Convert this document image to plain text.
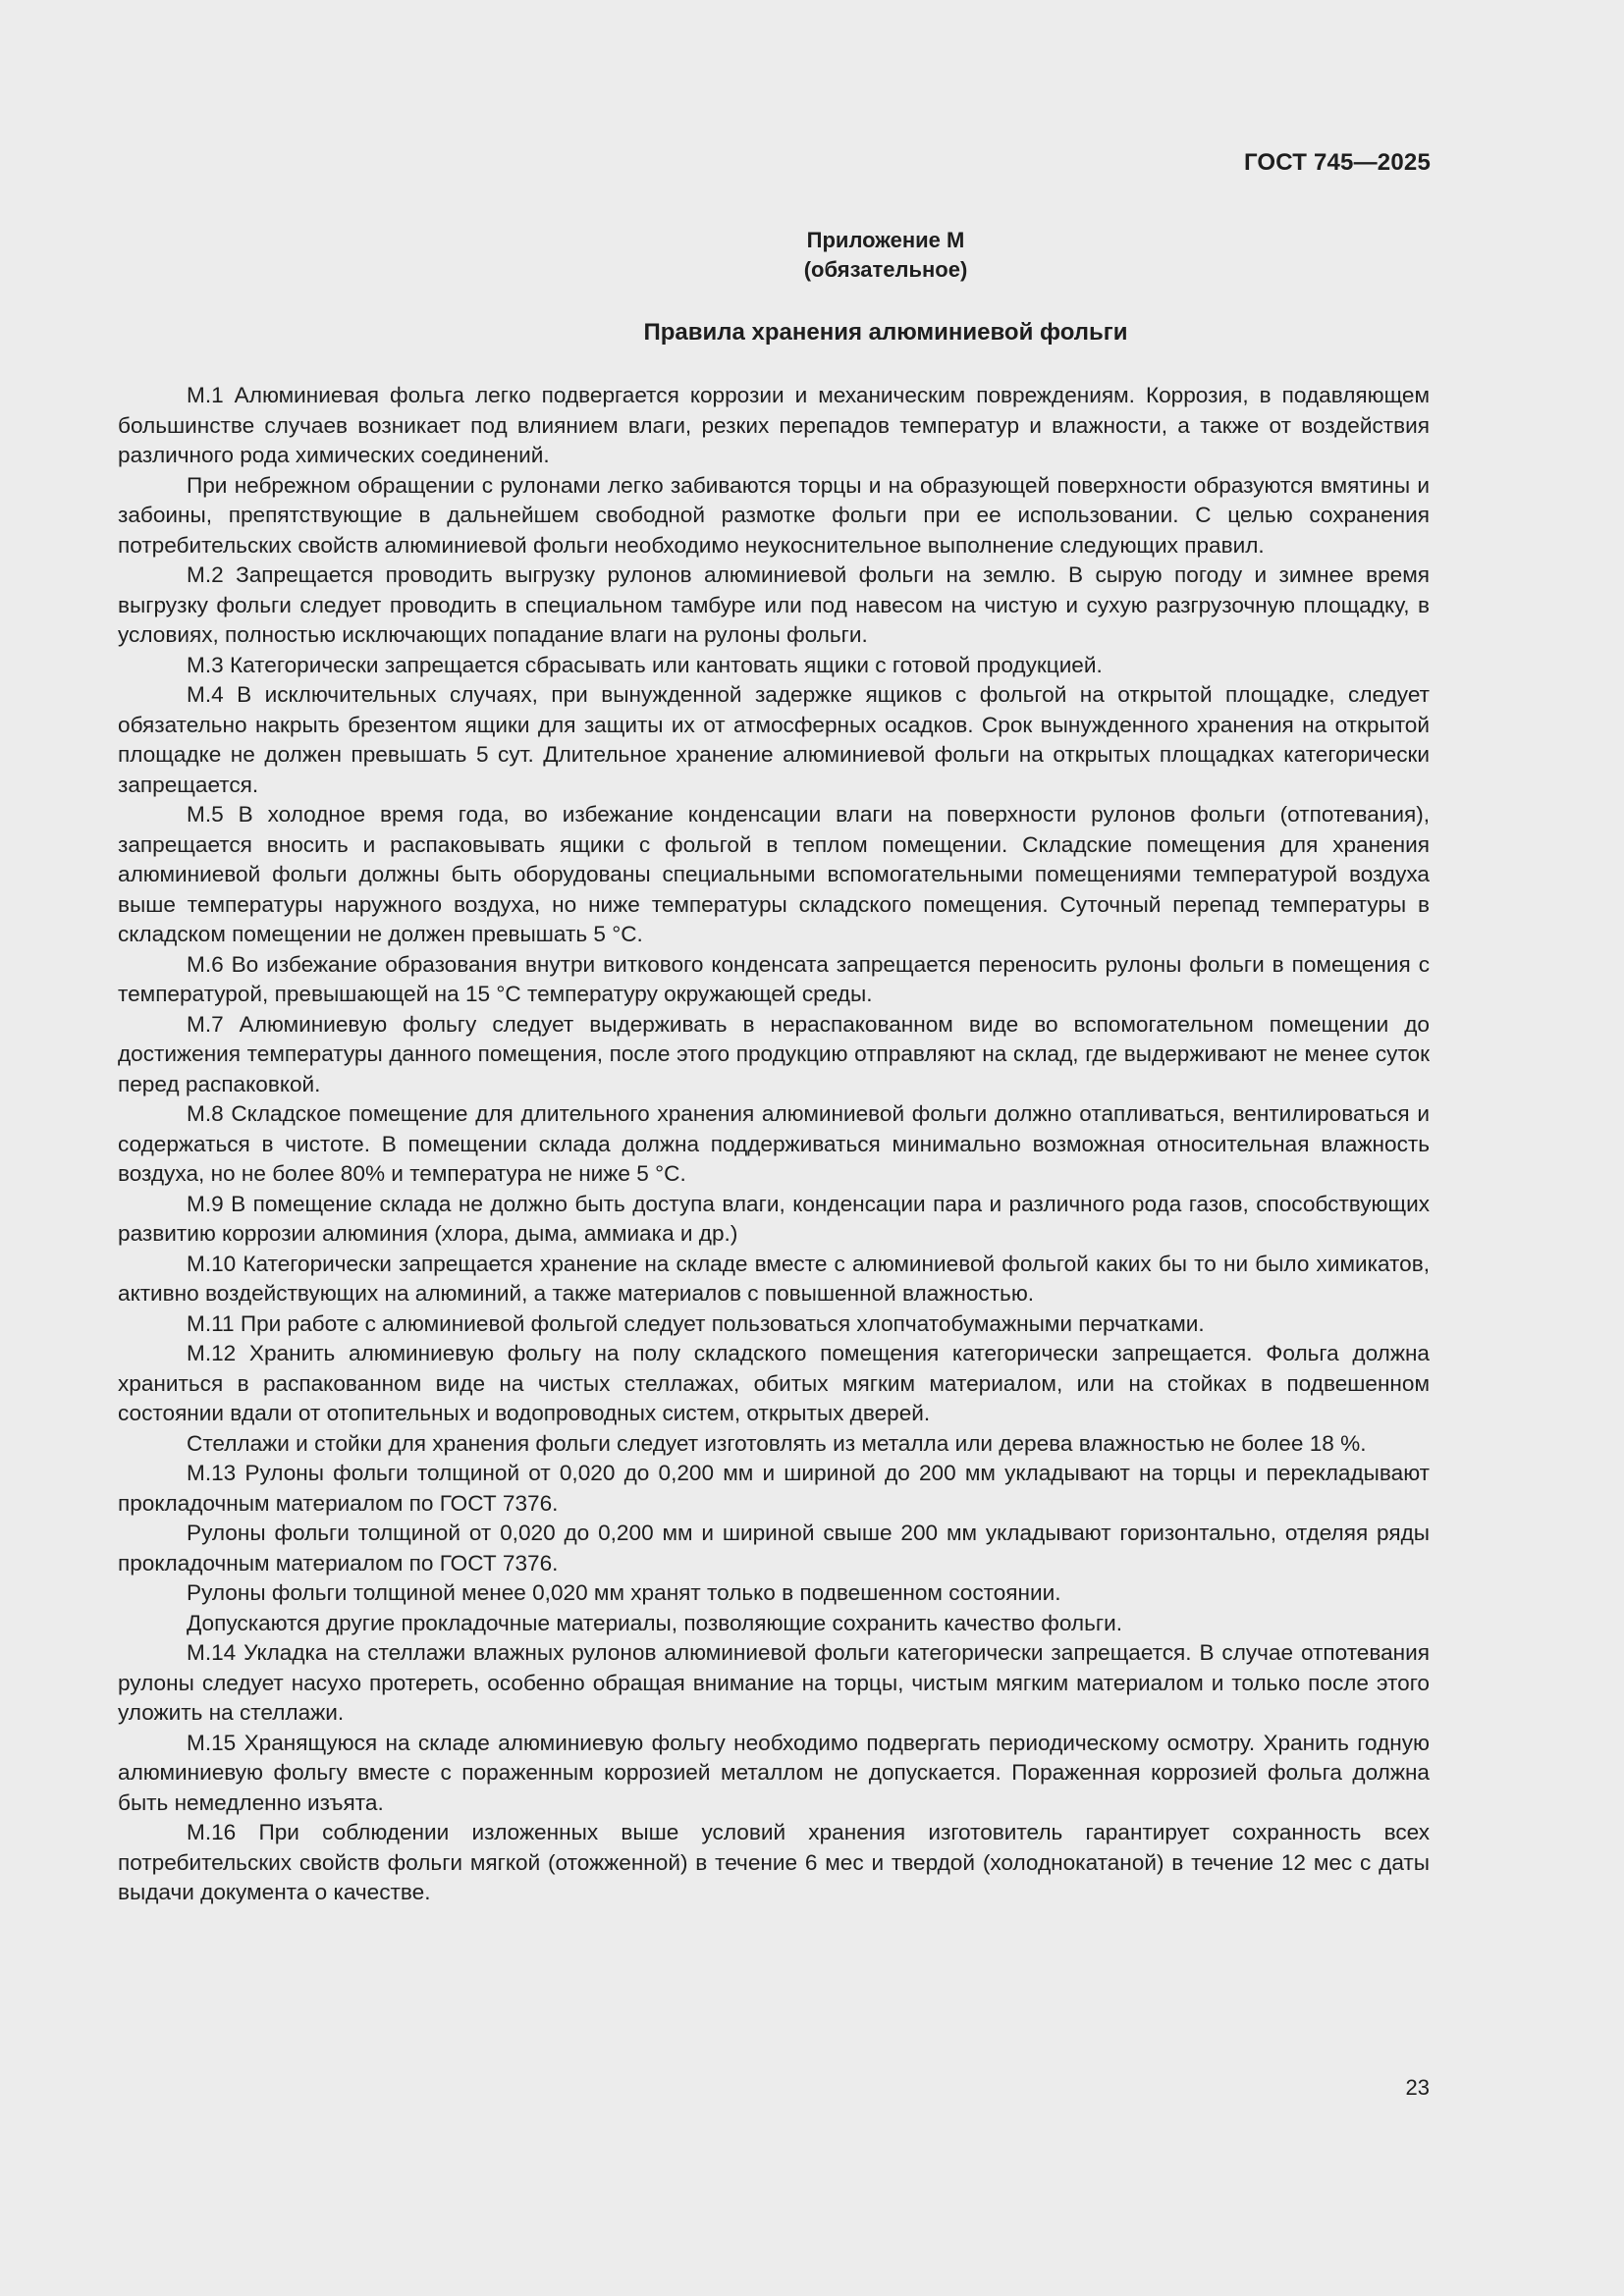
ГОСТ 745—2025
Приложение М
(обязательное)
Правила хранения алюминиевой фольги

М.1 Алюминиевая фольга легко подвергается коррозии и механическим повреждениям. Коррозия, в подавляющем большинстве случаев возникает под влиянием влаги, резких перепадов температур и влажности, а также от воздействия различного рода химических соединений.

При небрежном обращении с рулонами легко забиваются торцы и на образующей поверхности образуются вмятины и забоины, препятствующие в дальнейшем свободной размотке фольги при ее использовании. С целью сохранения потребительских свойств алюминиевой фольги необходимо неукоснительное выполнение следующих правил.

М.2 Запрещается проводить выгрузку рулонов алюминиевой фольги на землю. В сырую погоду и зимнее время выгрузку фольги следует проводить в специальном тамбуре или под навесом на чистую и сухую разгрузочную площадку, в условиях, полностью исключающих попадание влаги на рулоны фольги.

М.3 Категорически запрещается сбрасывать или кантовать ящики с готовой продукцией.

М.4 В исключительных случаях, при вынужденной задержке ящиков с фольгой на открытой площадке, следует обязательно накрыть брезентом ящики для защиты их от атмосферных осадков. Срок вынужденного хранения на открытой площадке не должен превышать 5 сут. Длительное хранение алюминиевой фольги на открытых площадках категорически запрещается.

М.5 В холодное время года, во избежание конденсации влаги на поверхности рулонов фольги (отпотевания), запрещается вносить и распаковывать ящики с фольгой в теплом помещении. Складские помещения для хранения алюминиевой фольги должны быть оборудованы специальными вспомогательными помещениями температурой воздуха выше температуры наружного воздуха, но ниже температуры складского помещения. Суточный перепад температуры в складском помещении не должен превышать 5 °С.

М.6 Во избежание образования внутри виткового конденсата запрещается переносить рулоны фольги в помещения с температурой, превышающей на 15 °С температуру окружающей среды.

М.7 Алюминиевую фольгу следует выдерживать в нераспакованном виде во вспомогательном помещении до достижения температуры данного помещения, после этого продукцию отправляют на склад, где выдерживают не менее суток перед распаковкой.

М.8 Складское помещение для длительного хранения алюминиевой фольги должно отапливаться, вентилироваться и содержаться в чистоте. В помещении склада должна поддерживаться минимально возможная относительная влажность воздуха, но не более 80% и температура не ниже 5 °С.

М.9 В помещение склада не должно быть доступа влаги, конденсации пара и различного рода газов, способствующих развитию коррозии алюминия (хлора, дыма, аммиака и др.)

М.10 Категорически запрещается хранение на складе вместе с алюминиевой фольгой каких бы то ни было химикатов, активно воздействующих на алюминий, а также материалов с повышенной влажностью.

М.11 При работе с алюминиевой фольгой следует пользоваться хлопчатобумажными перчатками.

М.12 Хранить алюминиевую фольгу на полу складского помещения категорически запрещается. Фольга должна храниться в распакованном виде на чистых стеллажах, обитых мягким материалом, или на стойках в подвешенном состоянии вдали от отопительных и водопроводных систем, открытых дверей.

Стеллажи и стойки для хранения фольги следует изготовлять из металла или дерева влажностью не более 18 %.

М.13 Рулоны фольги толщиной от 0,020 до 0,200 мм и шириной до 200 мм укладывают на торцы и перекладывают прокладочным материалом по ГОСТ 7376.

Рулоны фольги толщиной от 0,020 до 0,200 мм и шириной свыше 200 мм укладывают горизонтально, отделяя ряды прокладочным материалом по ГОСТ 7376.

Рулоны фольги толщиной менее 0,020 мм хранят только в подвешенном состоянии.

Допускаются другие прокладочные материалы, позволяющие сохранить качество фольги.

М.14 Укладка на стеллажи влажных рулонов алюминиевой фольги категорически запрещается. В случае отпотевания рулоны следует насухо протереть, особенно обращая внимание на торцы, чистым мягким материалом и только после этого уложить на стеллажи.

М.15 Хранящуюся на складе алюминиевую фольгу необходимо подвергать периодическому осмотру. Хранить годную алюминиевую фольгу вместе с пораженным коррозией металлом не допускается. Пораженная коррозией фольга должна быть немедленно изъята.

М.16 При соблюдении изложенных выше условий хранения изготовитель гарантирует сохранность всех потребительских свойств фольги мягкой (отожженной) в течение 6 мес и твердой (холоднокатаной) в течение 12 мес с даты выдачи документа о качестве.

23
